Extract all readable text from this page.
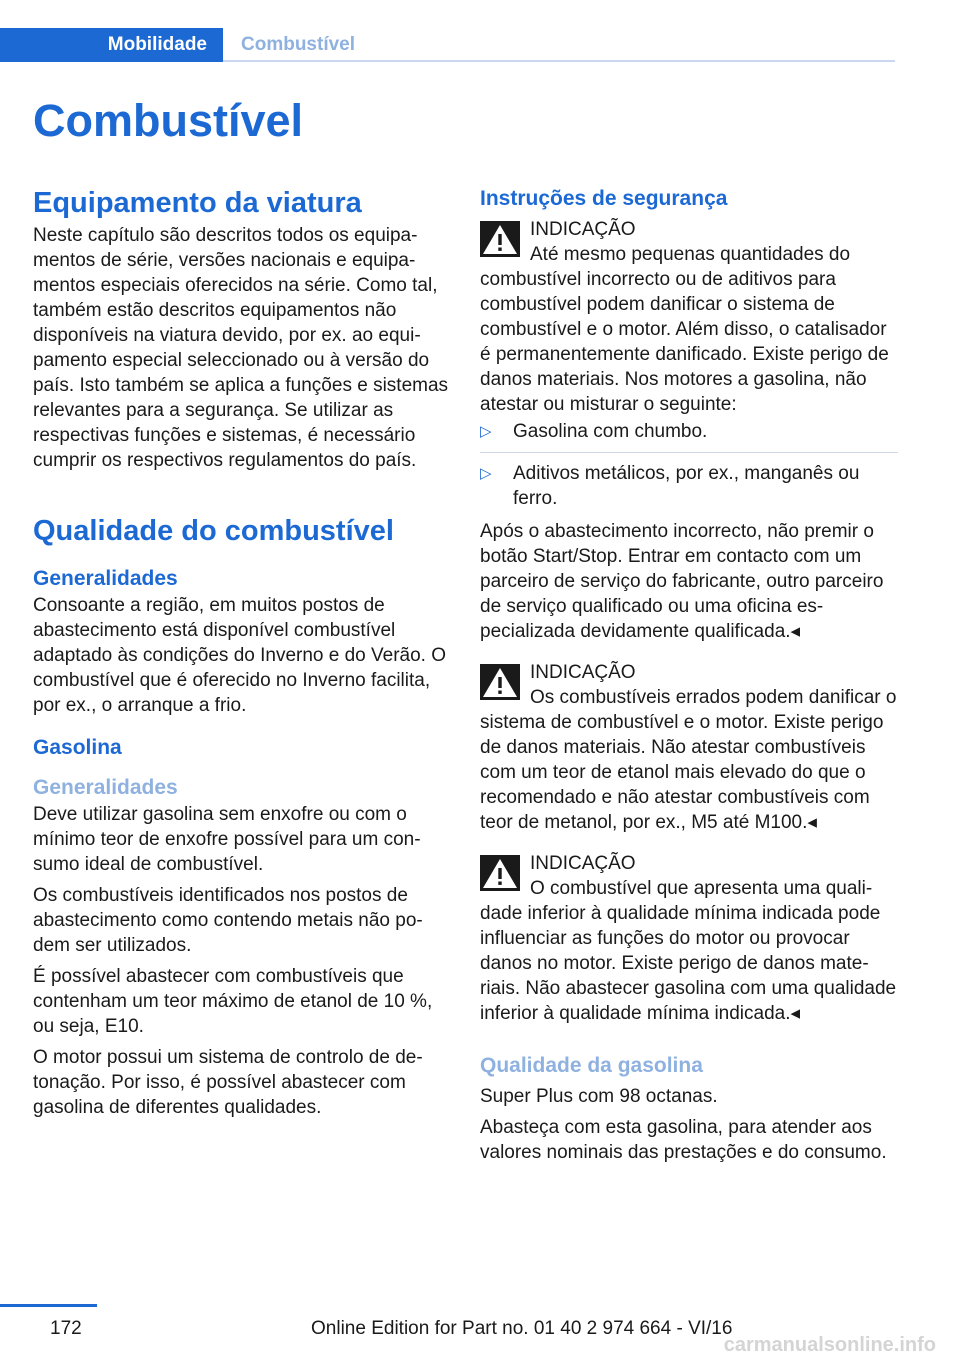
Mobilidade	Combustível
Combustível
Equipamento da viatura

Neste capítulo são descritos todos os equipamentos de série, versões nacionais e equipamentos especiais oferecidos na série. Como tal, também estão descritos equipamentos não disponíveis na viatura devido, por ex. ao equipamento especial seleccionado ou à versão do país. Isto também se aplica a funções e sistemas relevantes para a segurança. Se utilizar as respectivas funções e sistemas, é necessário cumprir os respectivos regulamentos do país.

Qualidade do combustível
Generalidades

Consoante a região, em muitos postos de abastecimento está disponível combustível adaptado às condições do Inverno e do Verão. O combustível que é oferecido no Inverno facilita, por ex., o arranque a frio.

Gasolina
Generalidades

Deve utilizar gasolina sem enxofre ou com o mínimo teor de enxofre possível para um consumo ideal de combustível.

Os combustíveis identificados nos postos de abastecimento como contendo metais não podem ser utilizados.

É possível abastecer com combustíveis que contenham um teor máximo de etanol de 10 %, ou seja, E10.

O motor possui um sistema de controlo de detonação. Por isso, é possível abastecer com gasolina de diferentes qualidades.

Instruções de segurança
INDICAÇÃO

Até mesmo pequenas quantidades do combustível incorrecto ou de aditivos para combustível podem danificar o sistema de combustível e o motor. Além disso, o catalisador é permanentemente danificado. Existe perigo de danos materiais. Nos motores a gasolina, não atestar ou misturar o seguinte:

▷ Gasolina com chumbo.
▷ Aditivos metálicos, por ex., manganês ou ferro.

Após o abastecimento incorrecto, não premir o botão Start/Stop. Entrar em contacto com um parceiro de serviço do fabricante, outro parceiro de serviço qualificado ou uma oficina especializada devidamente qualificada.◂

INDICAÇÃO

Os combustíveis errados podem danificar o sistema de combustível e o motor. Existe perigo de danos materiais. Não atestar combustíveis com um teor de etanol mais elevado do que o recomendado e não atestar combustíveis com teor de metanol, por ex., M5 até M100.◂

INDICAÇÃO

O combustível que apresenta uma qualidade inferior à qualidade mínima indicada pode influenciar as funções do motor ou provocar danos no motor. Existe perigo de danos materiais. Não abastecer gasolina com uma qualidade inferior à qualidade mínima indicada.◂

Qualidade da gasolina

Super Plus com 98 octanas.

Abasteça com esta gasolina, para atender aos valores nominais das prestações e do consumo.

172	Online Edition for Part no. 01 40 2 974 664 - VI/16
carmanualsonline.info
